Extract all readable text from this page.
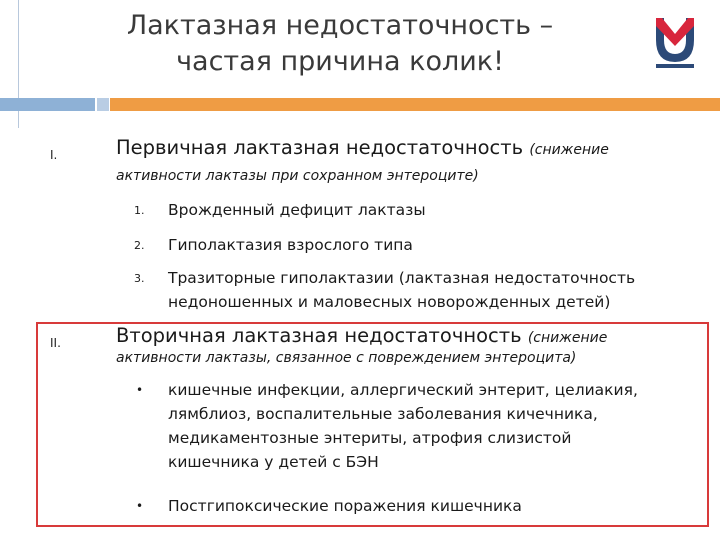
Лактазная недостаточность –
частая причина колик!
I.	Первичная лактазная недостаточность (снижение
активности лактазы при сохранном энтероците)
1. Врожденный дефицит лактазы
2. Гиполактазия взрослого типа
3. Тразиторные гиполактазии (лактазная недостаточность
недоношенных и маловесных новорожденных детей)
II.	Вторичная лактазная недостаточность (снижение
активности лактазы, связанное с повреждением энтероцита)
• кишечные инфекции, аллергический энтерит, целиакия,
лямблиоз, воспалительные заболевания кичечника,
медикаментозные энтериты, атрофия слизистой
кишечника у детей с БЭН
• Постгипоксические поражения кишечника
